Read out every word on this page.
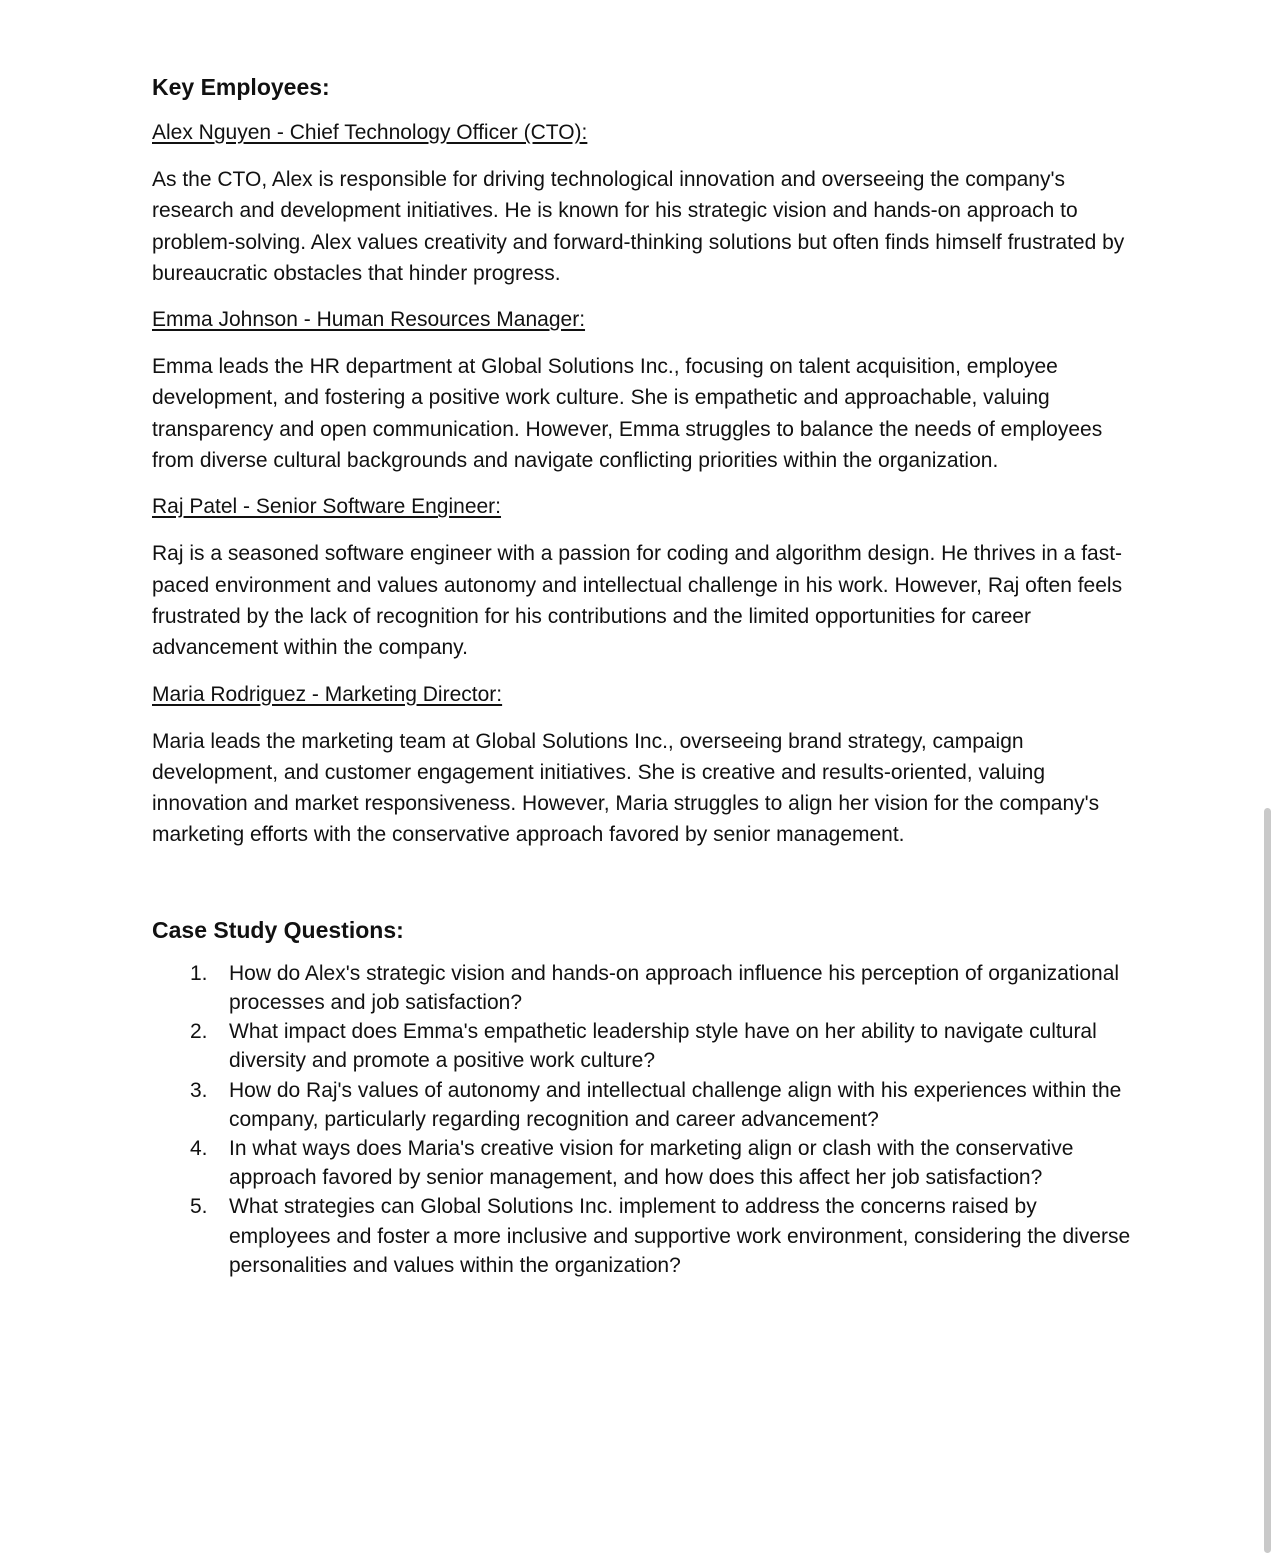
Key Employees:

Alex Nguyen - Chief Technology Officer (CTO):

As the CTO, Alex is responsible for driving technological innovation and overseeing the company's research and development initiatives. He is known for his strategic vision and hands-on approach to problem-solving. Alex values creativity and forward-thinking solutions but often finds himself frustrated by bureaucratic obstacles that hinder progress.

Emma Johnson - Human Resources Manager:

Emma leads the HR department at Global Solutions Inc., focusing on talent acquisition, employee development, and fostering a positive work culture. She is empathetic and approachable, valuing transparency and open communication. However, Emma struggles to balance the needs of employees from diverse cultural backgrounds and navigate conflicting priorities within the organization.

Raj Patel - Senior Software Engineer:

Raj is a seasoned software engineer with a passion for coding and algorithm design. He thrives in a fast-paced environment and values autonomy and intellectual challenge in his work. However, Raj often feels frustrated by the lack of recognition for his contributions and the limited opportunities for career advancement within the company.

Maria Rodriguez - Marketing Director:

Maria leads the marketing team at Global Solutions Inc., overseeing brand strategy, campaign development, and customer engagement initiatives. She is creative and results-oriented, valuing innovation and market responsiveness. However, Maria struggles to align her vision for the company's marketing efforts with the conservative approach favored by senior management.

Case Study Questions:
1. How do Alex's strategic vision and hands-on approach influence his perception of organizational processes and job satisfaction?
2. What impact does Emma's empathetic leadership style have on her ability to navigate cultural diversity and promote a positive work culture?
3. How do Raj's values of autonomy and intellectual challenge align with his experiences within the company, particularly regarding recognition and career advancement?
4. In what ways does Maria's creative vision for marketing align or clash with the conservative approach favored by senior management, and how does this affect her job satisfaction?
5. What strategies can Global Solutions Inc. implement to address the concerns raised by employees and foster a more inclusive and supportive work environment, considering the diverse personalities and values within the organization?
